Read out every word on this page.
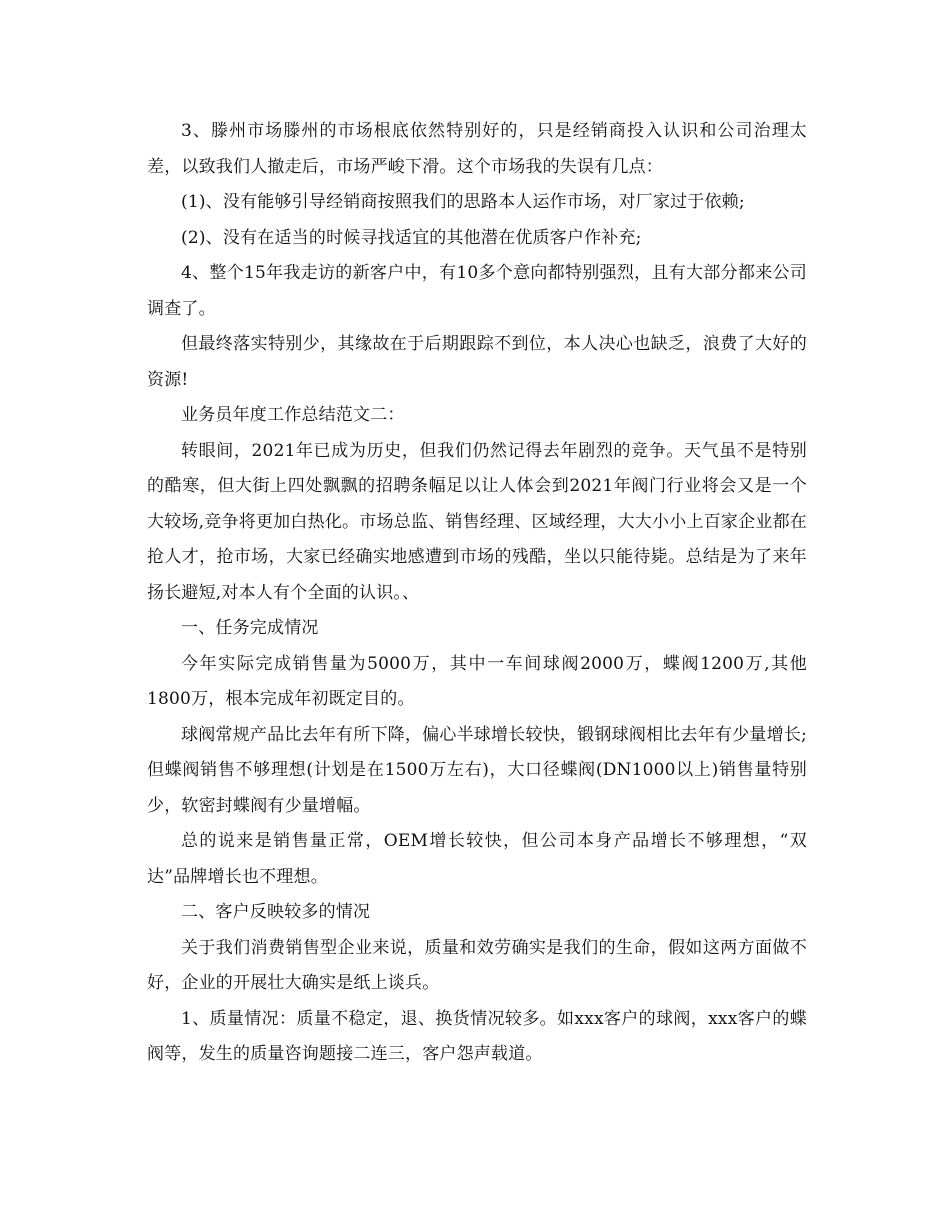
3、滕州市场滕州的市场根底依然特别好的，只是经销商投入认识和公司治理太差，以致我们人撤走后，市场严峻下滑。这个市场我的失误有几点：

(1)、没有能够引导经销商按照我们的思路本人运作市场，对厂家过于依赖;

(2)、没有在适当的时候寻找适宜的其他潜在优质客户作补充;

4、整个15年我走访的新客户中，有10多个意向都特别强烈，且有大部分都来公司调查了。

但最终落实特别少，其缘故在于后期跟踪不到位，本人决心也缺乏，浪费了大好的资源!

业务员年度工作总结范文二：

转眼间，2021年已成为历史，但我们仍然记得去年剧烈的竞争。天气虽不是特别的酷寒，但大街上四处飘飘的招聘条幅足以让人体会到2021年阀门行业将会又是一个大较场,竞争将更加白热化。市场总监、销售经理、区域经理，大大小小上百家企业都在抢人才，抢市场，大家已经确实地感遭到市场的残酷，坐以只能待毙。总结是为了来年扬长避短,对本人有个全面的认识。、

一、任务完成情况

今年实际完成销售量为5000万，其中一车间球阀2000万，蝶阀1200万,其他1800万，根本完成年初既定目的。

球阀常规产品比去年有所下降，偏心半球增长较快，锻钢球阀相比去年有少量增长;但蝶阀销售不够理想(计划是在1500万左右)，大口径蝶阀(DN1000以上)销售量特别少，软密封蝶阀有少量增幅。

总的说来是销售量正常，OEM增长较快，但公司本身产品增长不够理想，“双达”品牌增长也不理想。

二、客户反映较多的情况

关于我们消费销售型企业来说，质量和效劳确实是我们的生命，假如这两方面做不好，企业的开展壮大确实是纸上谈兵。

1、质量情况：质量不稳定，退、换货情况较多。如xxx客户的球阀，xxx客户的蝶阀等，发生的质量咨询题接二连三，客户怨声载道。
